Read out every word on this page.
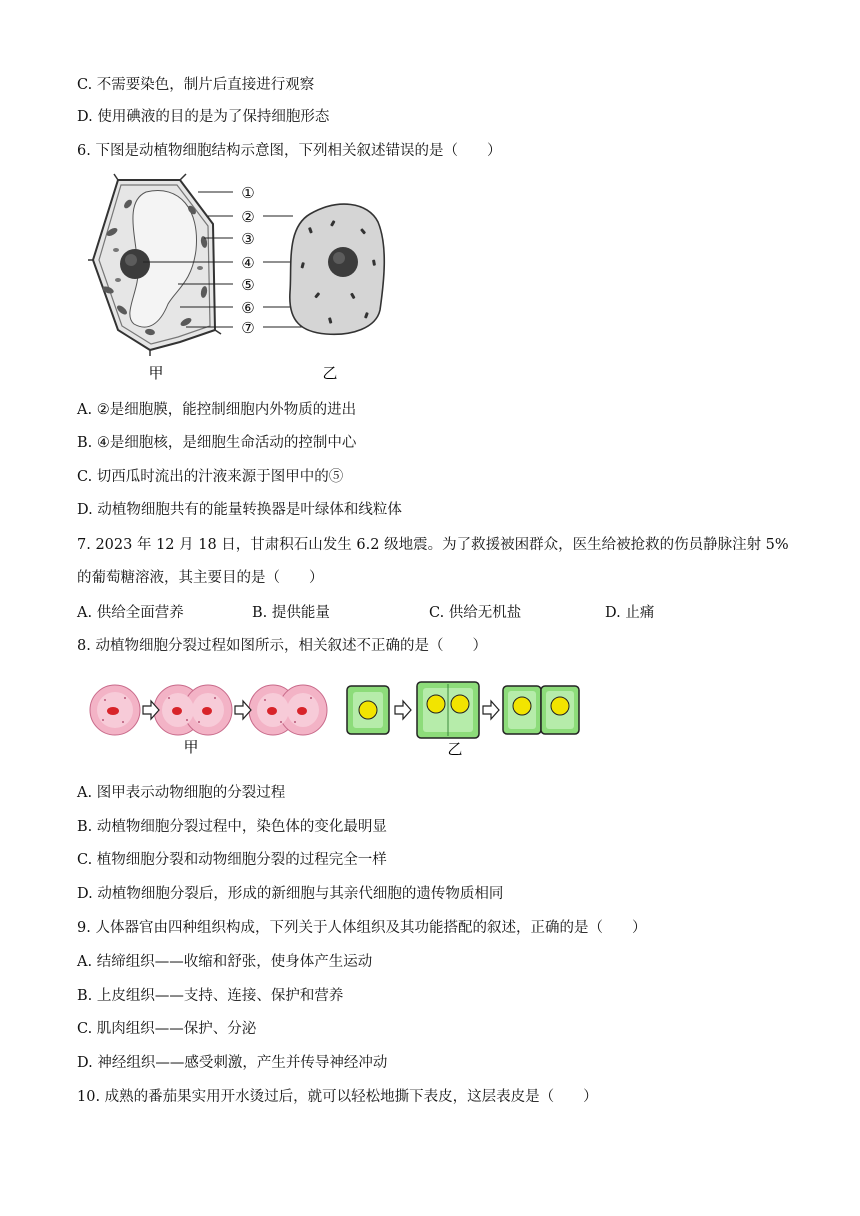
C. 不需要染色，制片后直接进行观察
D. 使用碘液的目的是为了保持细胞形态
6. 下图是动植物细胞结构示意图，下列相关叙述错误的是（　　）
①
②
③
④
⑤
⑥
⑦
甲	乙
A. ②是细胞膜，能控制细胞内外物质的进出
B. ④是细胞核，是细胞生命活动的控制中心
C. 切西瓜时流出的汁液来源于图甲中的⑤
D. 动植物细胞共有的能量转换器是叶绿体和线粒体
7. 2023 年 12 月 18 日，甘肃积石山发生 6.2 级地震。为了救援被困群众，医生给被抢救的伤员静脉注射 5%
的葡萄糖溶液，其主要目的是（　　）
A. 供给全面营养	B. 提供能量	C. 供给无机盐	D. 止痛
8. 动植物细胞分裂过程如图所示，相关叙述不正确的是（　　）
甲	乙
A. 图甲表示动物细胞的分裂过程
B. 动植物细胞分裂过程中，染色体的变化最明显
C. 植物细胞分裂和动物细胞分裂的过程完全一样
D. 动植物细胞分裂后，形成的新细胞与其亲代细胞的遗传物质相同
9. 人体器官由四种组织构成，下列关于人体组织及其功能搭配的叙述，正确的是（　　）
A. 结缔组织——收缩和舒张，使身体产生运动
B. 上皮组织——支持、连接、保护和营养
C. 肌肉组织——保护、分泌
D. 神经组织——感受刺激，产生并传导神经冲动
10. 成熟的番茄果实用开水烫过后，就可以轻松地撕下表皮，这层表皮是（　　）
